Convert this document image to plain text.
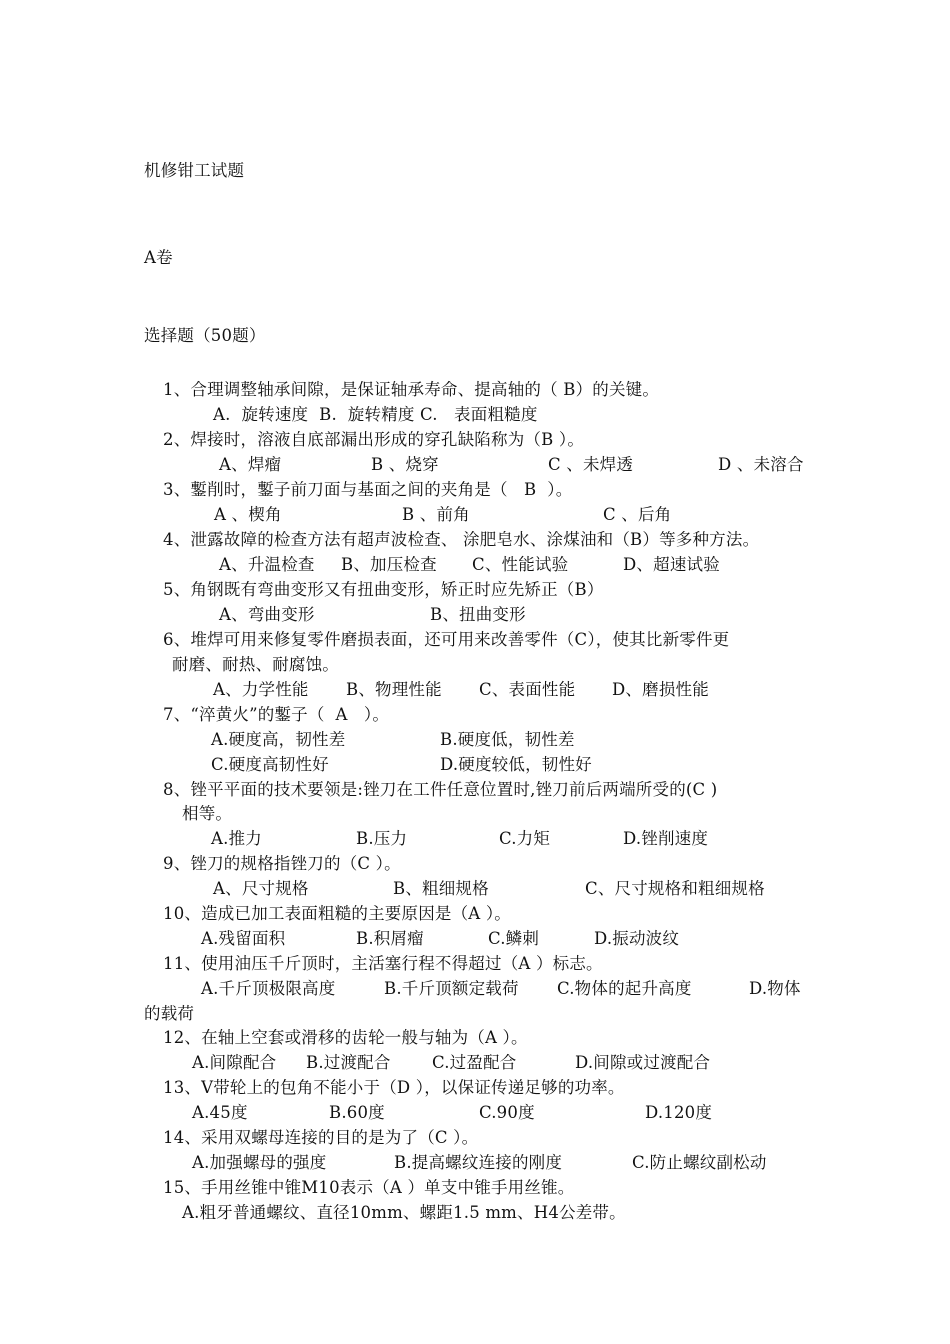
机修钳工试题
A卷
选择题（50题）
1、合理调整轴承间隙，是保证轴承寿命、提高轴的（ B）的关键。
A.  旋转速度  B.  旋转精度 C.   表面粗糙度
2、焊接时，溶液自底部漏出形成的穿孔缺陷称为（B ）。
A、焊瘤	B 、烧穿	C 、未焊透	D 、未溶合
3、鏨削时，鏨子前刀面与基面之间的夹角是（   B  ）。
A 、楔角	B 、前角	C 、后角
4、泄露故障的检查方法有超声波检查、 涂肥皂水、涂煤油和（B）等多种方法。
A、升温检查 B、加压检查 C、性能试验	D、超速试验
5、角钢既有弯曲变形又有扭曲变形，矫正时应先矫正（B）
A、弯曲变形	B、扭曲变形
6、堆焊可用来修复零件磨损表面，还可用来改善零件（C），使其比新零件更
耐磨、耐热、耐腐蚀。
A、力学性能 B、物理性能 C、表面性能 D、磨损性能
7、“淬黄火”的鏨子（  A   ）。
A.硬度高，韧性差	B.硬度低，韧性差
C.硬度高韧性好	D.硬度较低，韧性好
8、锉平平面的技术要领是:锉刀在工件任意位置时,锉刀前后两端所受的(C )
相等。
A.推力	B.压力	C.力矩	D.锉削速度
9、锉刀的规格指锉刀的（C ）。
A、尺寸规格	B、粗细规格	C、尺寸规格和粗细规格
10、造成已加工表面粗糙的主要原因是（A ）。
A.残留面积	B.积屑瘤	C.鳞刺	D.振动波纹
11、使用油压千斤顶时，主活塞行程不得超过（A ）标志。
A.千斤顶极限高度	B.千斤顶额定载荷 C.物体的起升高度	D.物体
的载荷
12、在轴上空套或滑移的齿轮一般与轴为（A ）。
A.间隙配合 B.过渡配合	C.过盈配合	D.间隙或过渡配合
13、V带轮上的包角不能小于（D ），以保证传递足够的功率。
A.45度	B.60度	C.90度	D.120度
14、采用双螺母连接的目的是为了（C ）。
A.加强螺母的强度	B.提高螺纹连接的刚度	C.防止螺纹副松动
15、手用丝锥中锥M10表示（A ）单支中锥手用丝锥。
A.粗牙普通螺纹、直径10mm、螺距1.5 mm、H4公差带。
